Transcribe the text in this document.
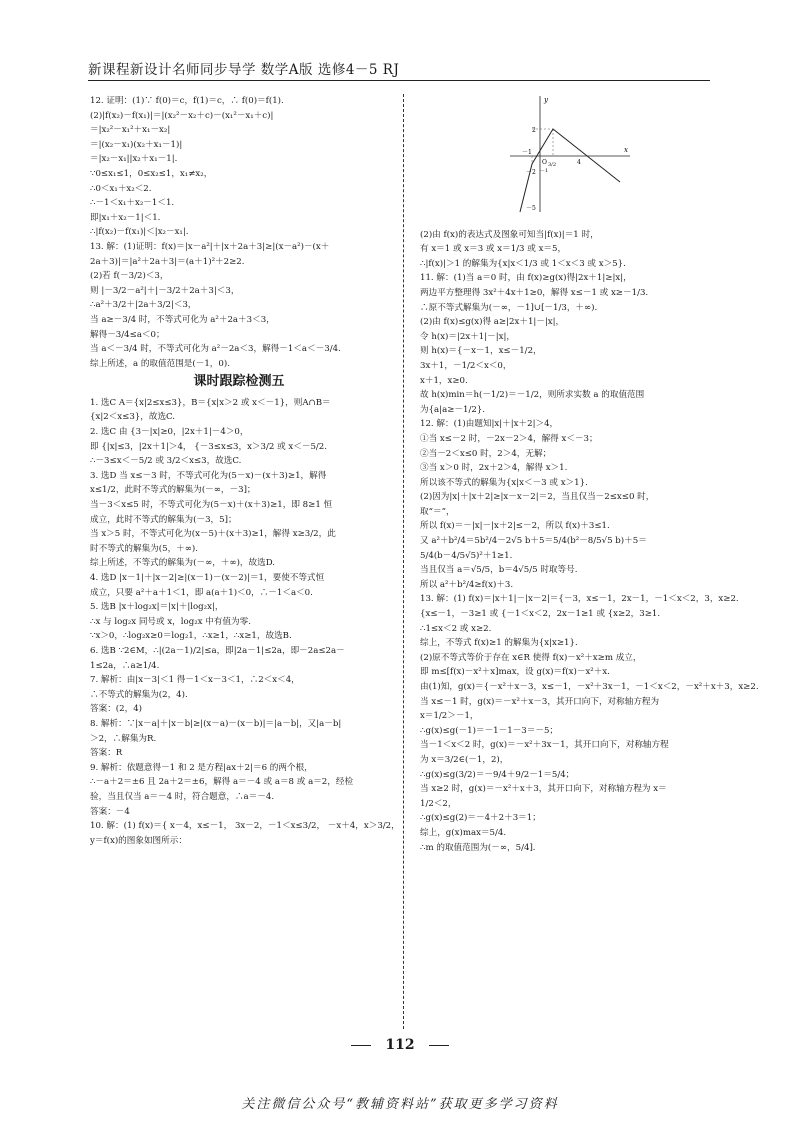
新课程新设计名师同步导学 数学A版 选修4－5 RJ
12. 证明：(1)∵ f(0)＝c，f(1)＝c，∴ f(0)＝f(1).
(2)|f(x₂)－f(x₁)|＝|(x₂²－x₂＋c)－(x₁²－x₁＋c)|
＝|x₂²－x₁²＋x₁－x₂|
＝|(x₂－x₁)(x₂＋x₁－1)|
＝|x₂－x₁||x₂＋x₁－1|.
∵0≤x₁≤1，0≤x₂≤1，x₁≠x₂，
∴0＜x₁＋x₂＜2.
∴－1＜x₁＋x₂－1＜1.
即|x₁＋x₂－1|＜1.
∴|f(x₂)－f(x₁)|＜|x₂－x₁|.
13. 解：(1)证明：f(x)＝|x－a²|＋|x＋2a＋3|≥|(x－a²)－(x＋
2a＋3)|＝|a²＋2a＋3|＝(a＋1)²＋2≥2.
(2)若 f(－3/2)＜3，
则 |－3/2－a²|＋|－3/2＋2a＋3|＜3，
∴a²＋3/2＋|2a＋3/2|＜3，
当 a≥－3/4 时，不等式可化为 a²＋2a＋3＜3，
解得－3/4≤a＜0；
当 a＜－3/4 时，不等式可化为 a²－2a＜3，解得－1＜a＜－3/4.
综上所述，a 的取值范围是(－1，0).
课时跟踪检测五
1. 选C A＝{x|2≤x≤3}，B＝{x|x＞2 或 x＜－1}，则A∩B＝
{x|2＜x≤3}，故选C.
2. 选C 由 {3－|x|≥0，|2x＋1|－4＞0，
即 {|x|≤3，|2x＋1|＞4， {－3≤x≤3，x＞3/2 或 x＜－5/2.
∴－3≤x＜－5/2 或 3/2＜x≤3，故选C.
3. 选D 当 x≤－3 时，不等式可化为(5－x)－(x＋3)≥1，解得
x≤1/2，此时不等式的解集为(－∞，－3]；
当－3＜x≤5 时，不等式可化为(5－x)＋(x＋3)≥1，即 8≥1 恒
成立，此时不等式的解集为(－3，5]；
当 x＞5 时，不等式可化为(x－5)＋(x＋3)≥1，解得 x≥3/2，此
时不等式的解集为(5，＋∞).
综上所述，不等式的解集为(－∞，＋∞)，故选D.
4. 选D |x－1|＋|x－2|≥|(x－1)－(x－2)|＝1，要使不等式恒
成立，只要 a²＋a＋1＜1，即 a(a＋1)＜0，∴－1＜a＜0.
5. 选B |x＋log₂x|＝|x|＋|log₂x|，
∴x 与 log₂x 同号或 x，log₂x 中有值为零.
∵x＞0，∴log₂x≥0＝log₂1，∴x≥1，∴x≥1，故选B.
6. 选B ∵2∈M，∴|(2a－1)/2|≤a，即|2a－1|≤2a，即－2a≤2a－
1≤2a，∴a≥1/4.
7. 解析：由|x－3|＜1 得－1＜x－3＜1，∴2＜x＜4，
∴不等式的解集为(2，4).
答案：(2，4)
8. 解析：∵|x－a|＋|x－b|≥|(x－a)－(x－b)|＝|a－b|，又|a－b|
＞2，∴解集为R.
答案：R
9. 解析：依题意得－1 和 2 是方程|ax＋2|＝6 的两个根，
∴－a＋2＝±6 且 2a＋2＝±6，解得 a＝－4 或 a＝8 或 a＝2，经检
验，当且仅当 a＝－4 时，符合题意，∴a＝－4.
答案：－4
10. 解：(1) f(x)＝{ x－4，x≤－1， 3x－2，－1＜x≤3/2， －x＋4，x＞3/2，
y＝f(x)的图象如图所示：
y
x
O
2
－5
4
－1
3/2
－2 －1
(2)由 f(x)的表达式及图象可知当|f(x)|＝1 时，
有 x＝1 或 x＝3 或 x＝1/3 或 x＝5，
∴|f(x)|＞1 的解集为{x|x＜1/3 或 1＜x＜3 或 x＞5}.
11. 解：(1)当 a＝0 时，由 f(x)≥g(x)得|2x＋1|≥|x|，
两边平方整理得 3x²＋4x＋1≥0，解得 x≤－1 或 x≥－1/3.
∴原不等式解集为(－∞，－1]∪[－1/3，＋∞).
(2)由 f(x)≤g(x)得 a≥|2x＋1|－|x|，
令 h(x)＝|2x＋1|－|x|，
则 h(x)＝{－x－1，x≤－1/2，
3x＋1，－1/2＜x＜0，
x＋1，x≥0.
故 h(x)min＝h(－1/2)＝－1/2，则所求实数 a 的取值范围
为{a|a≥－1/2}.
12. 解：(1)由题知|x|＋|x＋2|＞4，
①当 x≤－2 时，－2x－2＞4，解得 x＜－3；
②当－2＜x≤0 时，2＞4，无解；
③当 x＞0 时，2x＋2＞4，解得 x＞1.
所以该不等式的解集为{x|x＜－3 或 x＞1}.
(2)因为|x|＋|x＋2|≥|x－x－2|＝2，当且仅当－2≤x≤0 时，
取“＝”，
所以 f(x)＝－|x|－|x＋2|≤－2，所以 f(x)＋3≤1.
又 a²＋b²/4＝5b²/4－2√5 b＋5＝5/4(b²－8/5√5 b)＋5＝
5/4(b－4/5√5)²＋1≥1.
当且仅当 a＝√5/5，b＝4√5/5 时取等号.
所以 a²＋b²/4≥f(x)＋3.
13. 解：(1) f(x)＝|x＋1|－|x－2|＝{－3，x≤－1，2x－1，－1＜x＜2，3，x≥2.
{x≤－1，－3≥1 或 {－1＜x＜2，2x－1≥1 或 {x≥2，3≥1.
∴1≤x＜2 或 x≥2.
综上，不等式 f(x)≥1 的解集为{x|x≥1}.
(2)原不等式等价于存在 x∈R 使得 f(x)－x²＋x≥m 成立，
即 m≤[f(x)－x²＋x]max，设 g(x)＝f(x)－x²＋x.
由(1)知，g(x)＝{－x²＋x－3，x≤－1，－x²＋3x－1，－1＜x＜2，－x²＋x＋3，x≥2.
当 x≤－1 时，g(x)＝－x²＋x－3，其开口向下，对称轴方程为
x＝1/2＞－1，
∴g(x)≤g(－1)＝－1－1－3＝－5；
当－1＜x＜2 时，g(x)＝－x²＋3x－1，其开口向下，对称轴方程
为 x＝3/2∈(－1，2)，
∴g(x)≤g(3/2)＝－9/4＋9/2－1＝5/4；
当 x≥2 时，g(x)＝－x²＋x＋3，其开口向下，对称轴方程为 x＝
1/2＜2，
∴g(x)≤g(2)＝－4＋2＋3＝1；
综上，g(x)max＝5/4.
∴m 的取值范围为(－∞，5/4].
112
关注微信公众号“教辅资料站”获取更多学习资料
